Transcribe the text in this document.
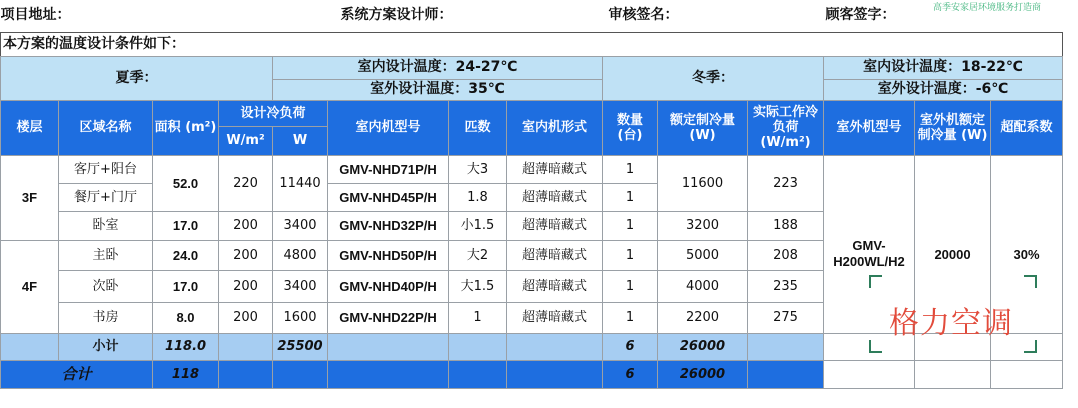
项目地址：				系统方案设计师：				审核签名：			顾客签字：		
本方案的温度设计条件如下：													
夏季：				室内设计温度：24-27℃				冬季：			室内设计温度：18-22℃		
				室外设计温度：35℃							室外设计温度：-6℃		
楼层	区域名称	面积 (m²)	设计冷负荷		室内机型号	匹数	室内机形式	数量 (台)	额定制冷量 (W)	实际工作冷负荷 (W/m²)	室外机型号	室外机额定制冷量 (W)	超配系数
			W/m²	W									
3F	客厅+阳台	52.0	220	11440	GMV-NHD71P/H	大3	超薄暗藏式	1	11600	223	GMV-H200WL/H2	20000	30%
	餐厅+门厅				GMV-NHD45P/H	1.8	超薄暗藏式	1					
	卧室	17.0	200	3400	GMV-NHD32P/H	小1.5	超薄暗藏式	1	3200	188			
4F	主卧	24.0	200	4800	GMV-NHD50P/H	大2	超薄暗藏式	1	5000	208			
	次卧	17.0	200	3400	GMV-NHD40P/H	大1.5	超薄暗藏式	1	4000	235			
	书房	8.0	200	1600	GMV-NHD22P/H	1	超薄暗藏式	1	2200	275			
	小计	118.0		25500				6	26000				
合计		118						6	26000				

高季安家居环境服务打造商
格力空调
